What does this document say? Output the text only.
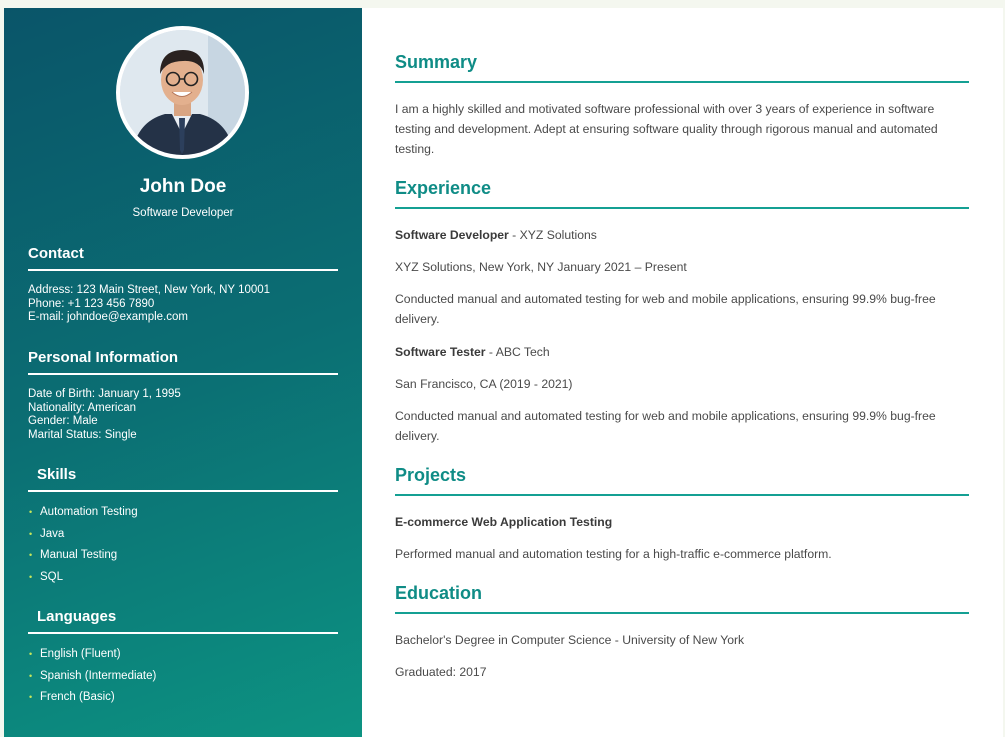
John Doe
Software Developer
Contact
Address: 123 Main Street, New York, NY 10001
Phone: +1 123 456 7890
E-mail: johndoe@example.com
Personal Information
Date of Birth: January 1, 1995
Nationality: American
Gender: Male
Marital Status: Single
Skills
• Automation Testing
• Java
• Manual Testing
• SQL
Languages
• English (Fluent)
• Spanish (Intermediate)
• French (Basic)
Summary

I am a highly skilled and motivated software professional with over 3 years of experience in software testing and development. Adept at ensuring software quality through rigorous manual and automated testing.

Experience

Software Developer - XYZ Solutions

XYZ Solutions, New York, NY January 2021 – Present

Conducted manual and automated testing for web and mobile applications, ensuring 99.9% bug-free delivery.

Software Tester - ABC Tech

San Francisco, CA (2019 - 2021)

Conducted manual and automated testing for web and mobile applications, ensuring 99.9% bug-free delivery.

Projects

E-commerce Web Application Testing

Performed manual and automation testing for a high-traffic e-commerce platform.

Education

Bachelor's Degree in Computer Science - University of New York

Graduated: 2017
